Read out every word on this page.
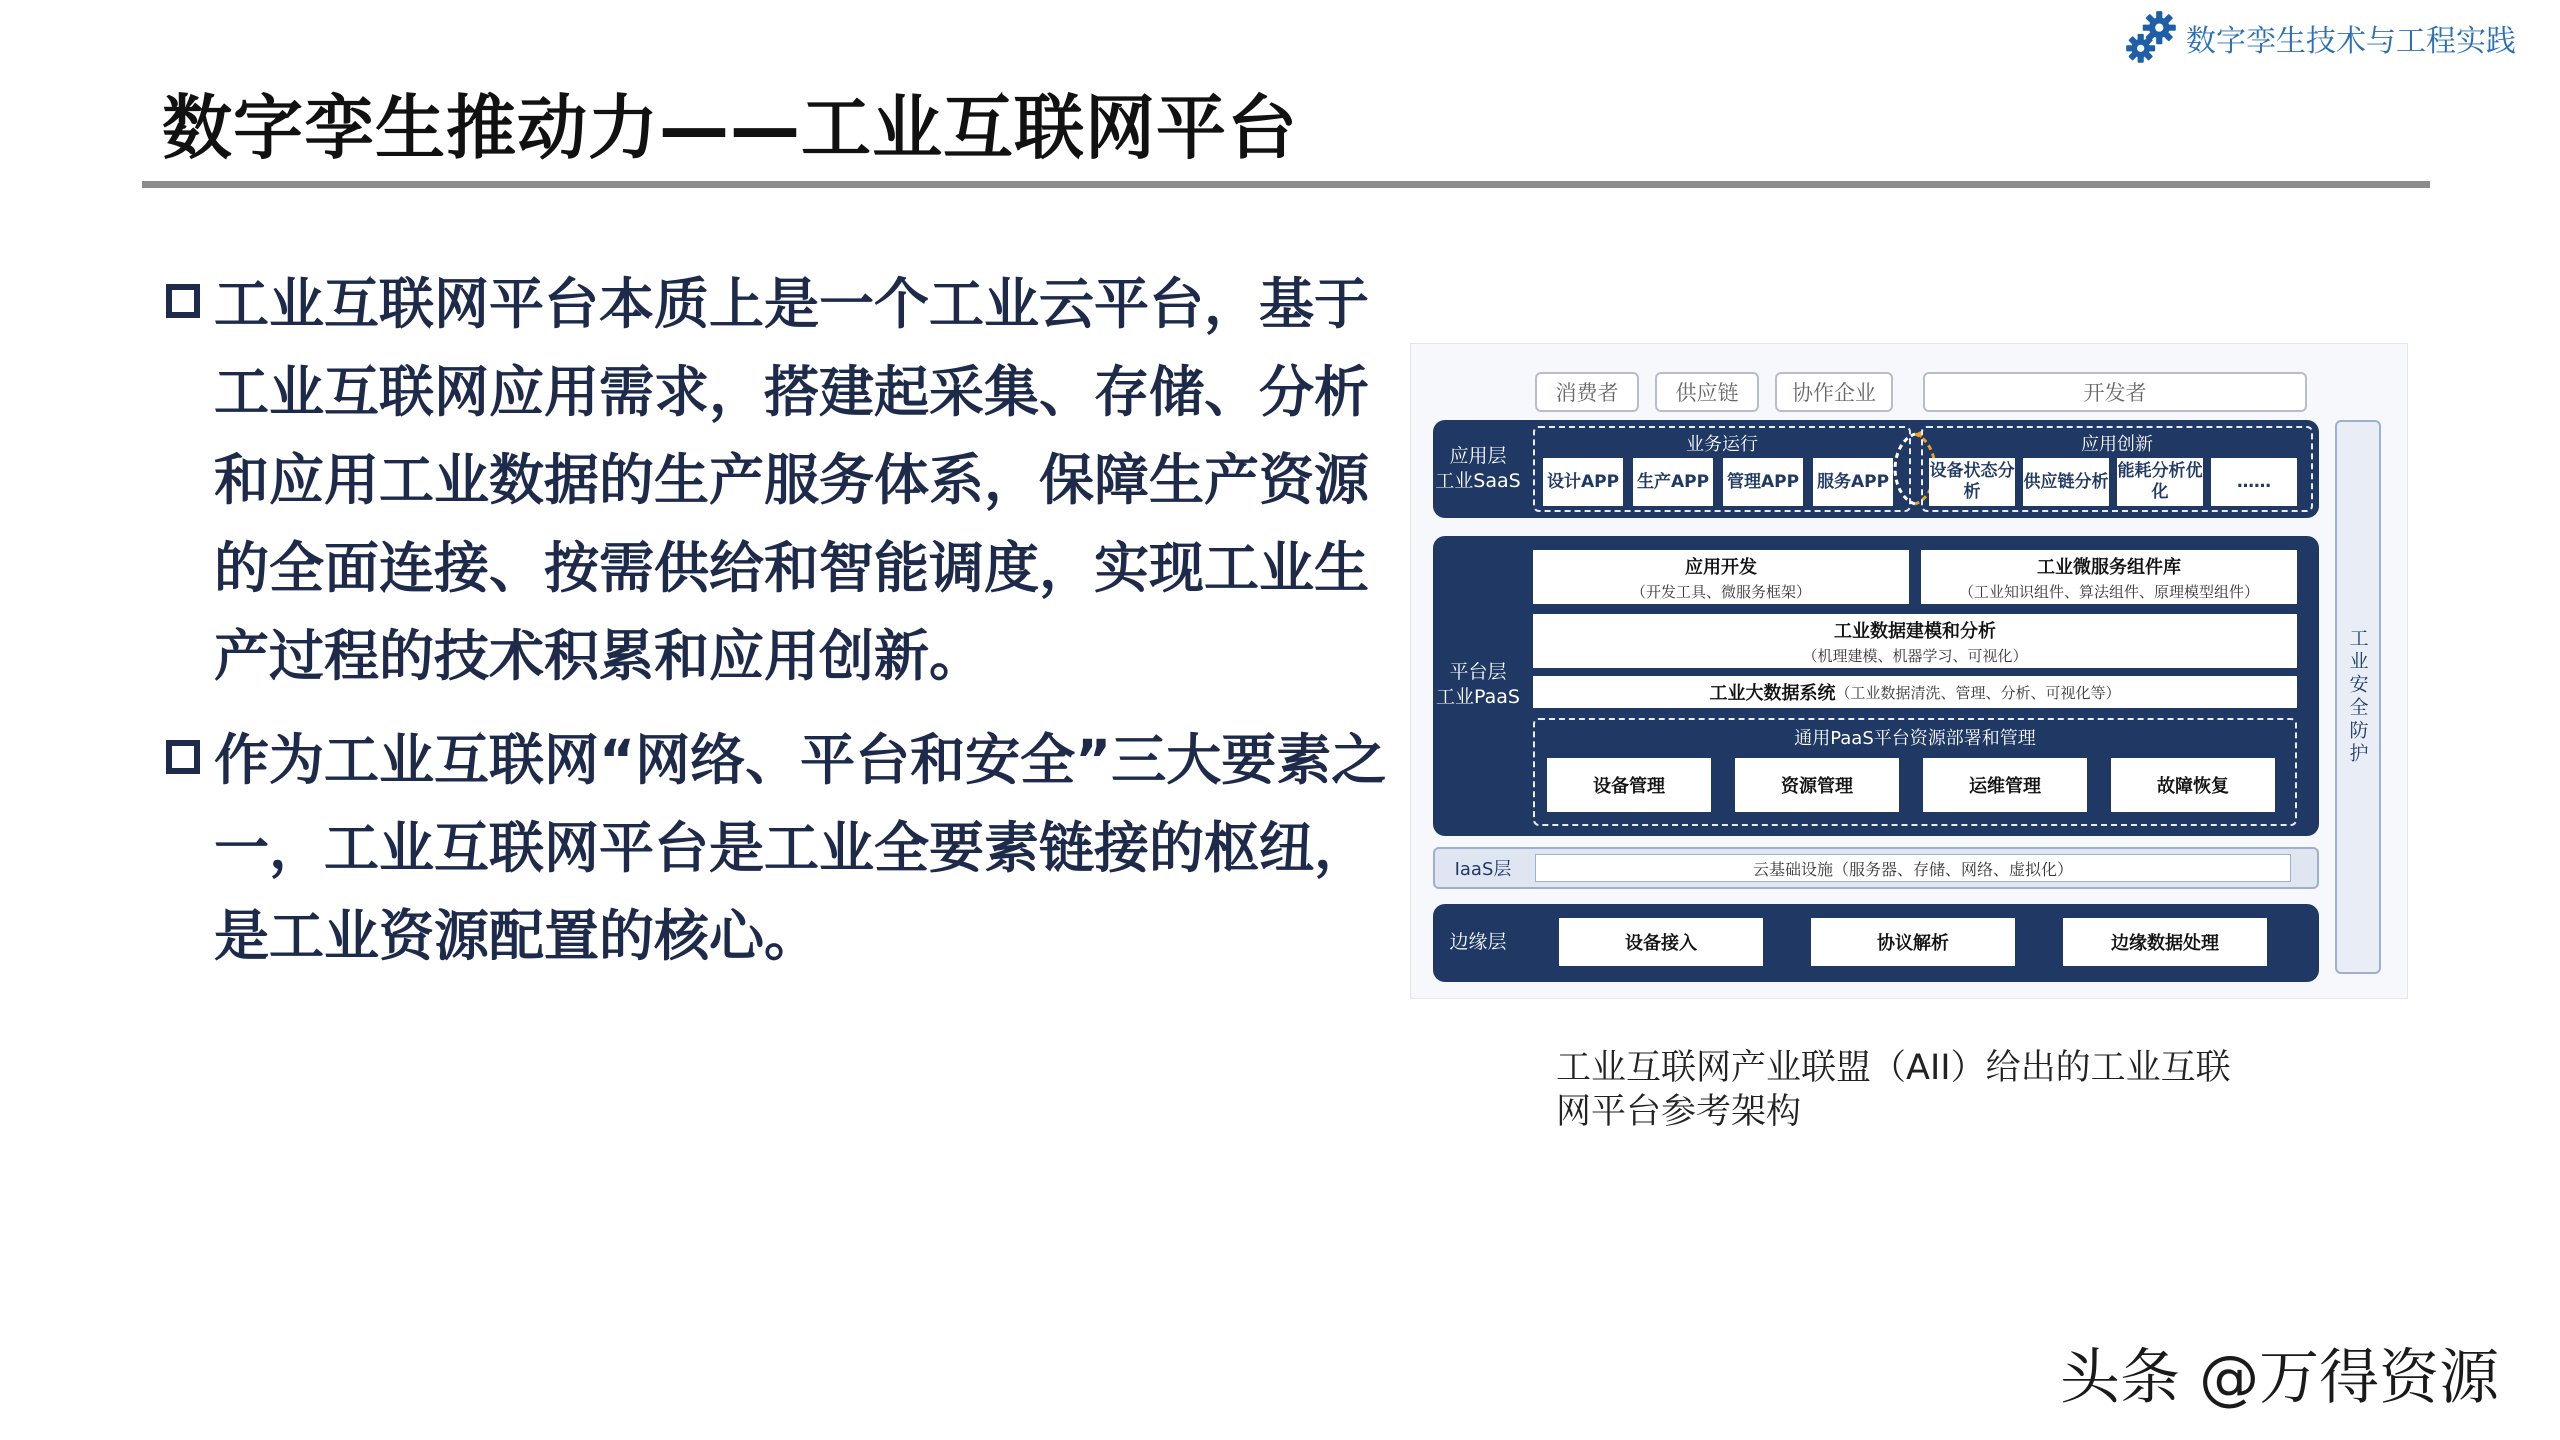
数字孪生技术与工程实践
数字孪生推动力——工业互联网平台
工业互联网平台本质上是一个工业云平台，基于工业互联网应用需求，搭建起采集、存储、分析和应用工业数据的生产服务体系，保障生产资源的全面连接、按需供给和智能调度，实现工业生产过程的技术积累和应用创新。
作为工业互联网“网络、平台和安全”三大要素之一，工业互联网平台是工业全要素链接的枢纽，是工业资源配置的核心。
消费者	供应链	协作企业	开发者
应用层
工业SaaS
业务运行
设计APP 生产APP 管理APP 服务APP
应用创新
设备状态分析
供应链分析
能耗分析优化
……
平台层
工业PaaS
应用开发
（开发工具、微服务框架）
工业微服务组件库
（工业知识组件、算法组件、原理模型组件）
工业数据建模和分析
（机理建模、机器学习、可视化）
工业大数据系统 （工业数据清洗、管理、分析、可视化等）
通用PaaS平台资源部署和管理
设备管理	资源管理	运维管理	故障恢复
IaaS层	云基础设施（服务器、存储、网络、虚拟化）
边缘层	设备接入	协议解析	边缘数据处理
工业安全防护
工业互联网产业联盟（AII）给出的工业互联网平台参考架构
头条 @万得资源
